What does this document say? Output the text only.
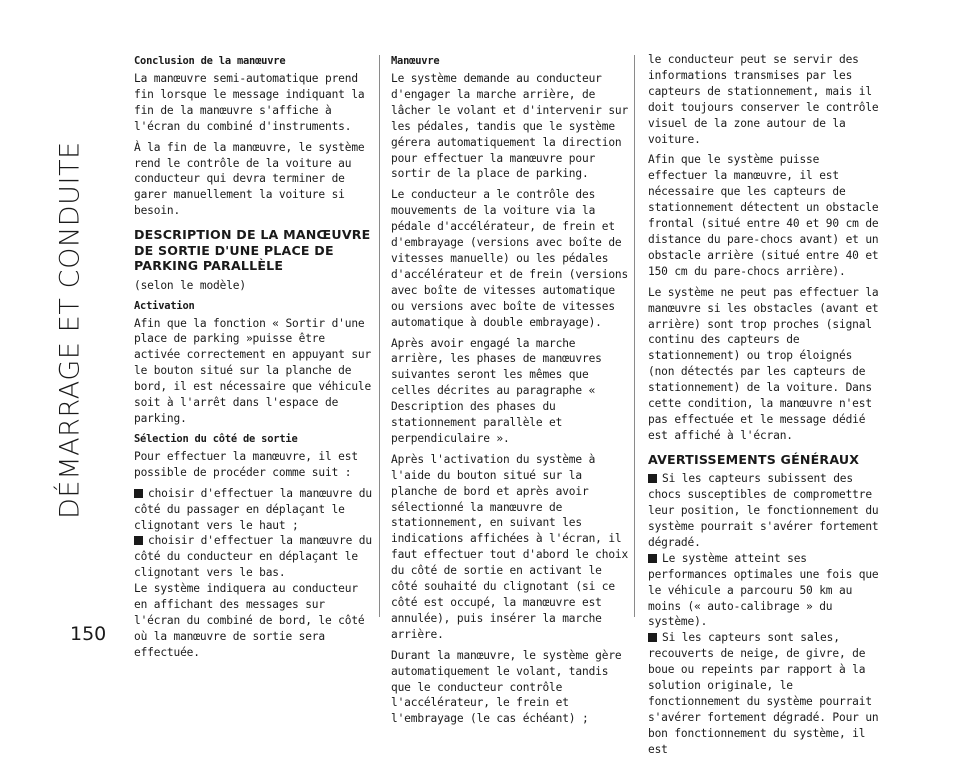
DÉMARRAGE ET CONDUITE
150

Conclusion de la manœuvre

La manœuvre semi-automatique prend fin lorsque le message indiquant la fin de la manœuvre s'affiche à l'écran du combiné d'instruments.

À la fin de la manœuvre, le système rend le contrôle de la voiture au conducteur qui devra terminer de garer manuellement la voiture si besoin.

DESCRIPTION DE LA MANŒUVRE DE SORTIE D'UNE PLACE DE PARKING PARALLÈLE

(selon le modèle)

Activation

Afin que la fonction « Sortir d'une place de parking »puisse être activée correctement en appuyant sur le bouton situé sur la planche de bord, il est nécessaire que véhicule soit à l'arrêt dans l'espace de parking.

Sélection du côté de sortie

Pour effectuer la manœuvre, il est possible de procéder comme suit :

choisir d'effectuer la manœuvre du côté du passager en déplaçant le clignotant vers le haut ;

choisir d'effectuer la manœuvre du côté du conducteur en déplaçant le clignotant vers le bas.

Le système indiquera au conducteur en affichant des messages sur l'écran du combiné de bord, le côté où la manœuvre de sortie sera effectuée.

Manœuvre

Le système demande au conducteur d'engager la marche arrière, de lâcher le volant et d'intervenir sur les pédales, tandis que le système gérera automatiquement la direction pour effectuer la manœuvre pour sortir de la place de parking.

Le conducteur a le contrôle des mouvements de la voiture via la pédale d'accélérateur, de frein et d'embrayage (versions avec boîte de vitesses manuelle) ou les pédales d'accélérateur et de frein (versions avec boîte de vitesses automatique ou versions avec boîte de vitesses automatique à double embrayage).

Après avoir engagé la marche arrière, les phases de manœuvres suivantes seront les mêmes que celles décrites au paragraphe « Description des phases du stationnement parallèle et perpendiculaire ».

Après l'activation du système à l'aide du bouton situé sur la planche de bord et après avoir sélectionné la manœuvre de stationnement, en suivant les indications affichées à l'écran, il faut effectuer tout d'abord le choix du côté de sortie en activant le côté souhaité du clignotant (si ce côté est occupé, la manœuvre est annulée), puis insérer la marche arrière.

Durant la manœuvre, le système gère automatiquement le volant, tandis que le conducteur contrôle l'accélérateur, le frein et l'embrayage (le cas échéant) ;

le conducteur peut se servir des informations transmises par les capteurs de stationnement, mais il doit toujours conserver le contrôle visuel de la zone autour de la voiture.

Afin que le système puisse effectuer la manœuvre, il est nécessaire que les capteurs de stationnement détectent un obstacle frontal (situé entre 40 et 90 cm de distance du pare-chocs avant) et un obstacle arrière (situé entre 40 et 150 cm du pare-chocs arrière).

Le système ne peut pas effectuer la manœuvre si les obstacles (avant et arrière) sont trop proches (signal continu des capteurs de stationnement) ou trop éloignés (non détectés par les capteurs de stationnement) de la voiture. Dans cette condition, la manœuvre n'est pas effectuée et le message dédié est affiché à l'écran.

AVERTISSEMENTS GÉNÉRAUX

Si les capteurs subissent des chocs susceptibles de compromettre leur position, le fonctionnement du système pourrait s'avérer fortement dégradé.

Le système atteint ses performances optimales une fois que le véhicule a parcouru 50 km au moins (« auto-calibrage » du système).

Si les capteurs sont sales, recouverts de neige, de givre, de boue ou repeints par rapport à la solution originale, le fonctionnement du système pourrait s'avérer fortement dégradé. Pour un bon fonctionnement du système, il est
